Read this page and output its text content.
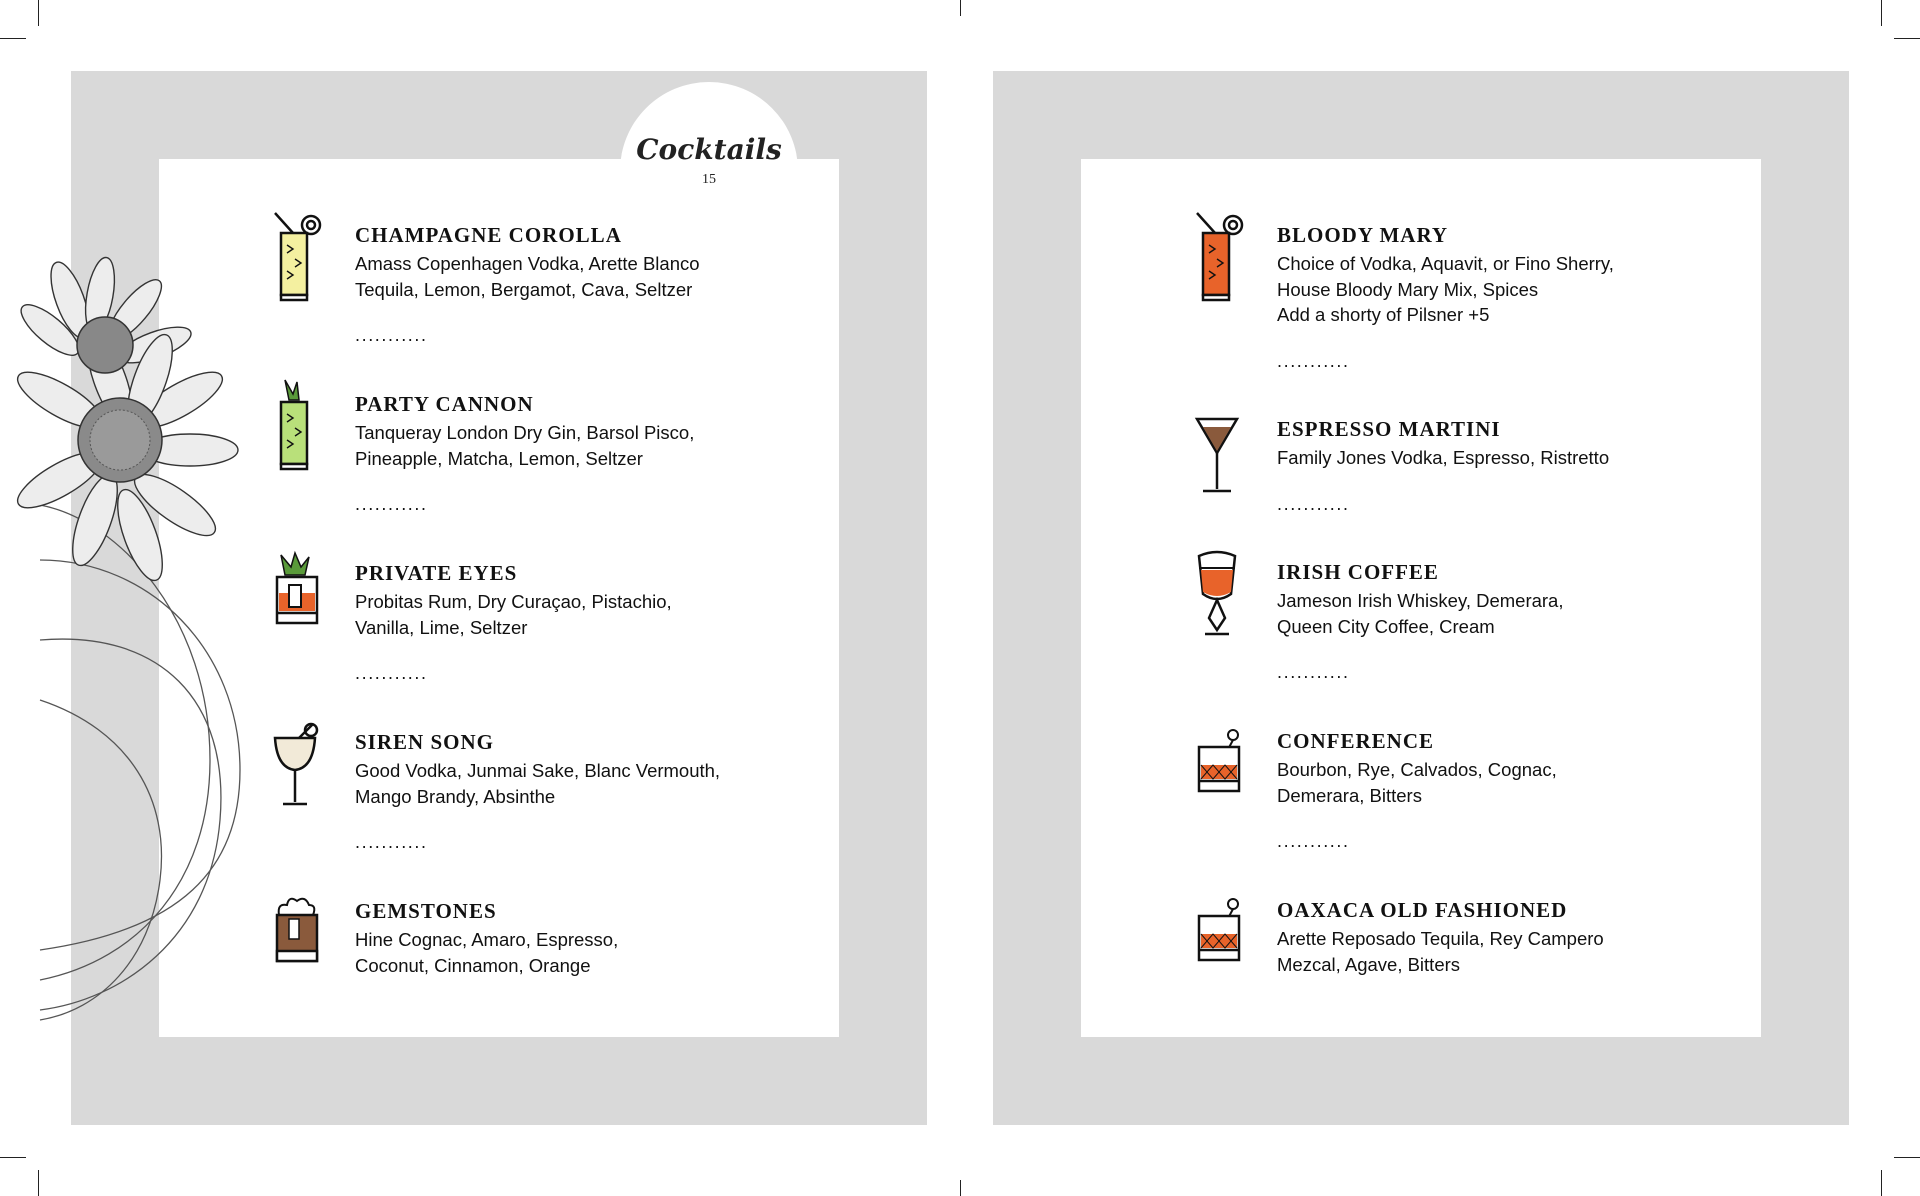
Cocktails
15
CHAMPAGNE COROLLA
Amass Copenhagen Vodka, Arette Blanco
Tequila, Lemon, Bergamot, Cava, Seltzer
...........
PARTY CANNON
Tanqueray London Dry Gin, Barsol Pisco,
Pineapple, Matcha, Lemon, Seltzer
...........
PRIVATE EYES
Probitas Rum, Dry Curaçao, Pistachio,
Vanilla, Lime, Seltzer
...........
SIREN SONG
Good Vodka, Junmai Sake, Blanc Vermouth,
Mango Brandy, Absinthe
...........
GEMSTONES
Hine Cognac, Amaro, Espresso,
Coconut, Cinnamon, Orange
BLOODY MARY
Choice of Vodka, Aquavit, or Fino Sherry,
House Bloody Mary Mix, Spices
Add a shorty of Pilsner +5
...........
ESPRESSO MARTINI
Family Jones Vodka, Espresso, Ristretto
...........
IRISH COFFEE
Jameson Irish Whiskey, Demerara,
Queen City Coffee, Cream
...........
CONFERENCE
Bourbon, Rye, Calvados, Cognac,
Demerara, Bitters
...........
OAXACA OLD FASHIONED
Arette Reposado Tequila, Rey Campero
Mezcal, Agave, Bitters
